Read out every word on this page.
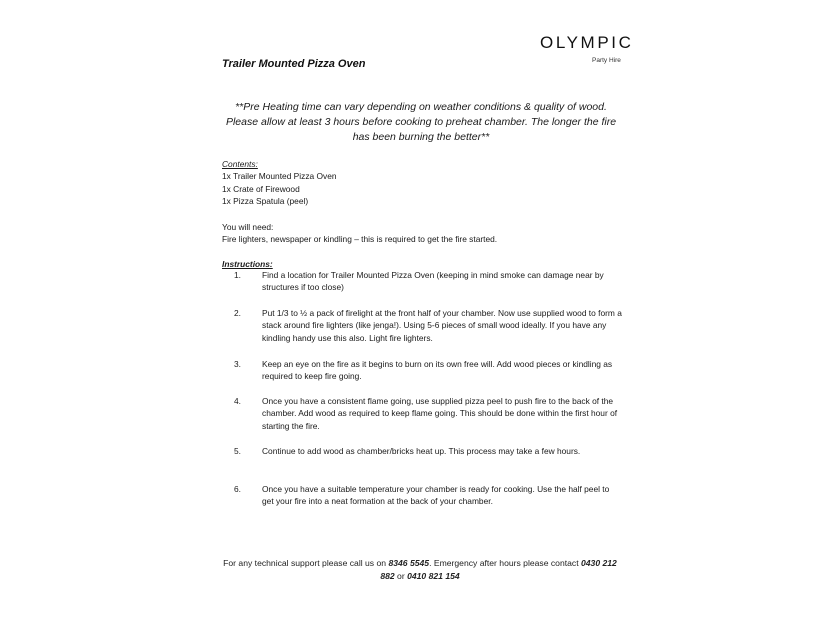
OLYMPIC
Party Hire
Trailer Mounted Pizza Oven
**Pre Heating time can vary depending on weather conditions & quality of wood. Please allow at least 3 hours before cooking to preheat chamber. The longer the fire has been burning the better**
Contents:
1x Trailer Mounted Pizza Oven
1x Crate of Firewood
1x Pizza Spatula (peel)
You will need:
Fire lighters, newspaper or kindling – this is required to get the fire started.
Instructions:
1.	Find a location for Trailer Mounted Pizza Oven (keeping in mind smoke can damage near by structures if too close)
2.	Put 1/3 to ½ a pack of firelight at the front half of your chamber. Now use supplied wood to form a stack around fire lighters (like jenga!). Using 5-6 pieces of small wood ideally. If you have any kindling handy use this also. Light fire lighters.
3.	Keep an eye on the fire as it begins to burn on its own free will. Add wood pieces or kindling as required to keep fire going.
4.	Once you have a consistent flame going, use supplied pizza peel to push fire to the back of the chamber. Add wood as required to keep flame going. This should be done within the first hour of starting the fire.
5.	Continue to add wood as chamber/bricks heat up. This process may take a few hours.
6.	Once you have a suitable temperature your chamber is ready for cooking. Use the half peel to get your fire into a neat formation at the back of your chamber.
For any technical support please call us on 8346 5545. Emergency after hours please contact 0430 212 882 or 0410 821 154
